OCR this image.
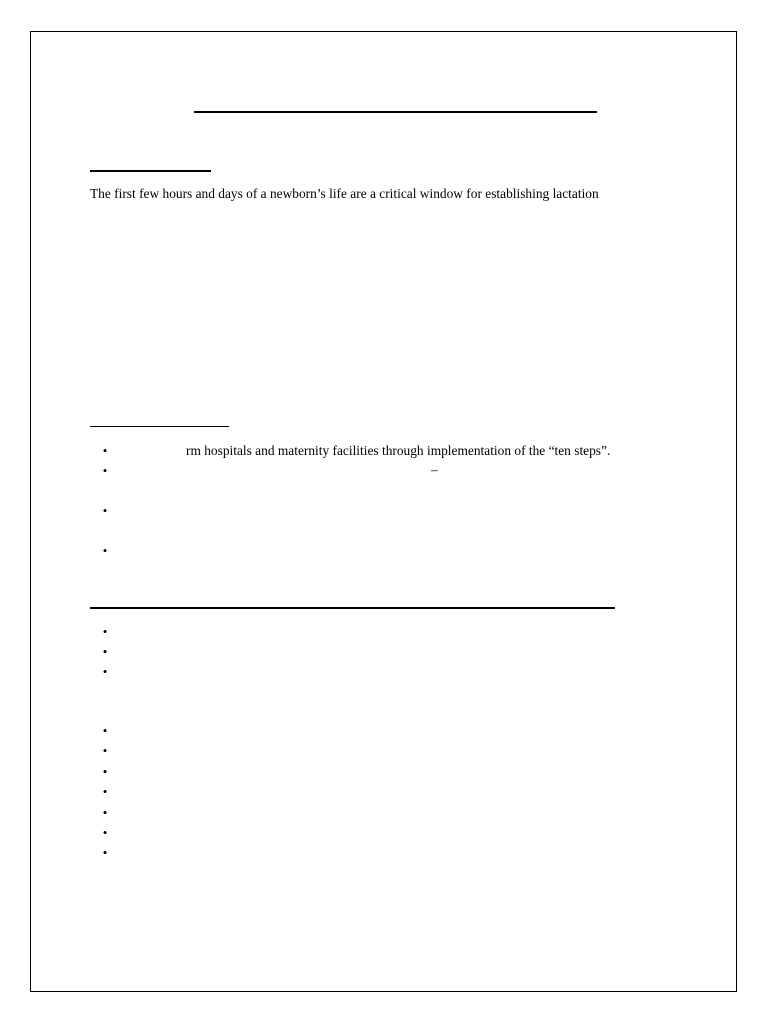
The first few hours and days of a newborn’s life are a critical window for establishing lactation
•
rm hospitals and maternity facilities through implementation of the “ten steps”.
•
–
•
•
•
•
•
•
•
•
•
•
•
•
